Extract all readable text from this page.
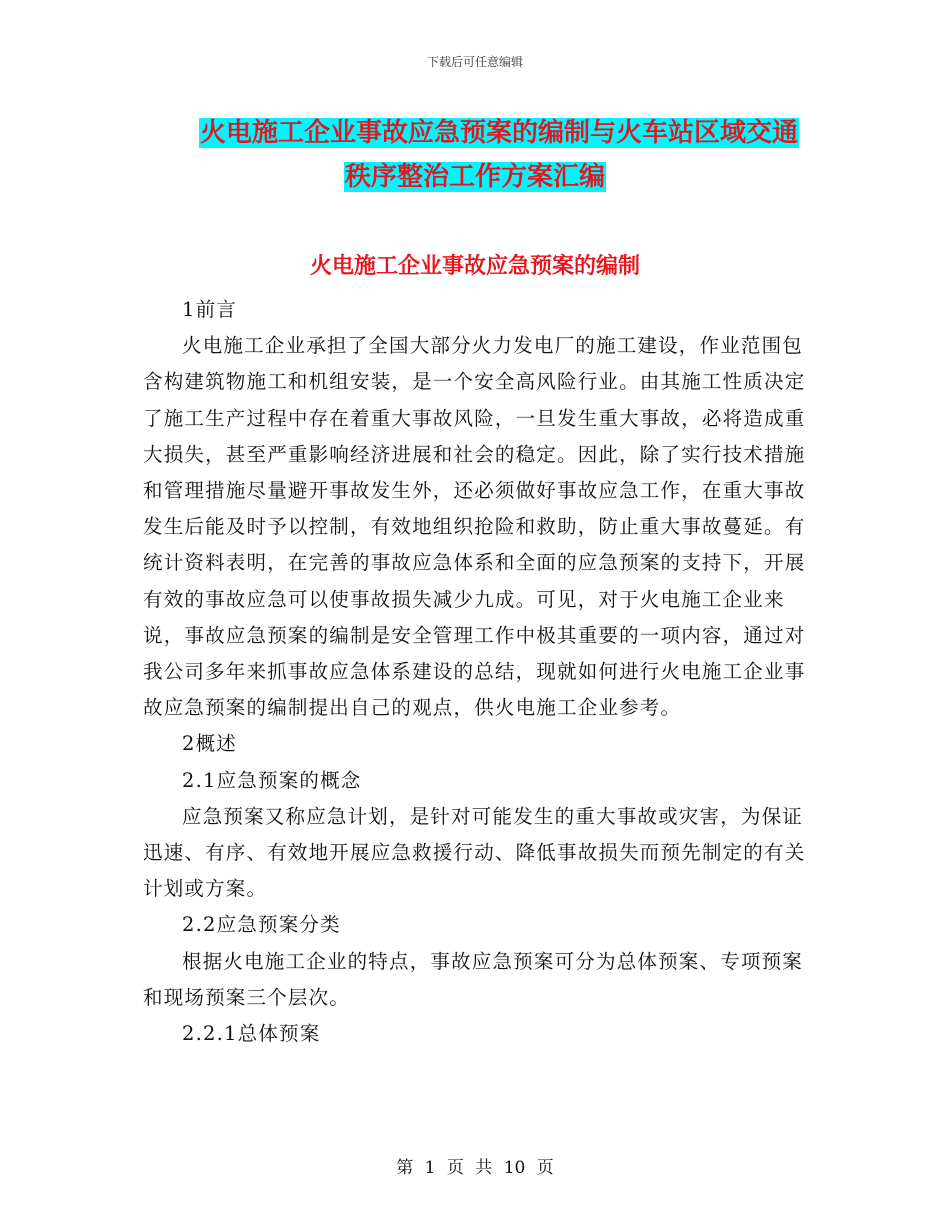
下载后可任意编辑
火电施工企业事故应急预案的编制与火车站区域交通
秩序整治工作方案汇编
火电施工企业事故应急预案的编制

1前言

火电施工企业承担了全国大部分火力发电厂的施工建设，作业范围包含构建筑物施工和机组安装，是一个安全高风险行业。由其施工性质决定了施工生产过程中存在着重大事故风险，一旦发生重大事故，必将造成重大损失，甚至严重影响经济进展和社会的稳定。因此，除了实行技术措施和管理措施尽量避开事故发生外，还必须做好事故应急工作，在重大事故发生后能及时予以控制，有效地组织抢险和救助，防止重大事故蔓延。有统计资料表明，在完善的事故应急体系和全面的应急预案的支持下，开展有效的事故应急可以使事故损失减少九成。可见，对于火电施工企业来说，事故应急预案的编制是安全管理工作中极其重要的一项内容，通过对我公司多年来抓事故应急体系建设的总结，现就如何进行火电施工企业事故应急预案的编制提出自己的观点，供火电施工企业参考。

2概述

2.1应急预案的概念

应急预案又称应急计划，是针对可能发生的重大事故或灾害，为保证迅速、有序、有效地开展应急救援行动、降低事故损失而预先制定的有关计划或方案。

2.2应急预案分类

根据火电施工企业的特点，事故应急预案可分为总体预案、专项预案和现场预案三个层次。

2.2.1总体预案

第 1 页 共 10 页
